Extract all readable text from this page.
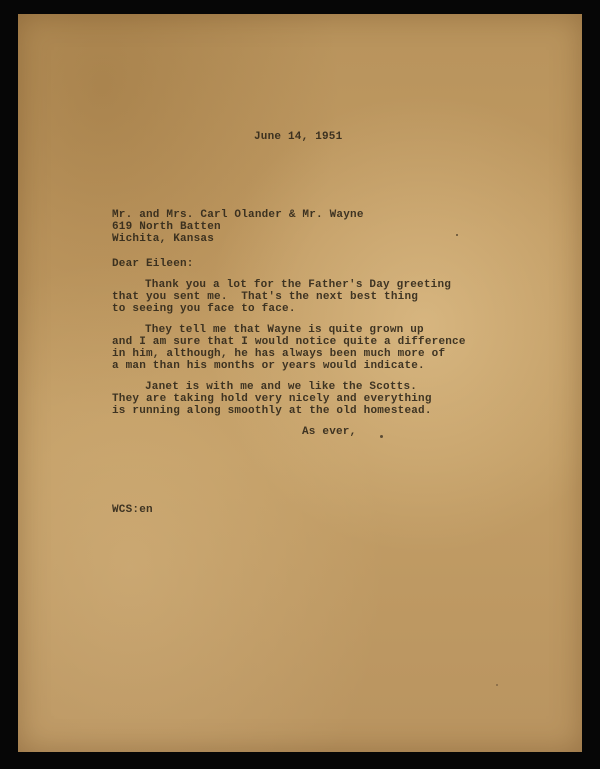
June 14, 1951
Mr. and Mrs. Carl Olander & Mr. Wayne
619 North Batten
Wichita, Kansas
Dear Eileen:
Thank you a lot for the Father's Day greeting
that you sent me.  That's the next best thing
to seeing you face to face.
They tell me that Wayne is quite grown up
and I am sure that I would notice quite a difference
in him, although, he has always been much more of
a man than his months or years would indicate.
Janet is with me and we like the Scotts.
They are taking hold very nicely and everything
is running along smoothly at the old homestead.
As ever,
WCS:en
